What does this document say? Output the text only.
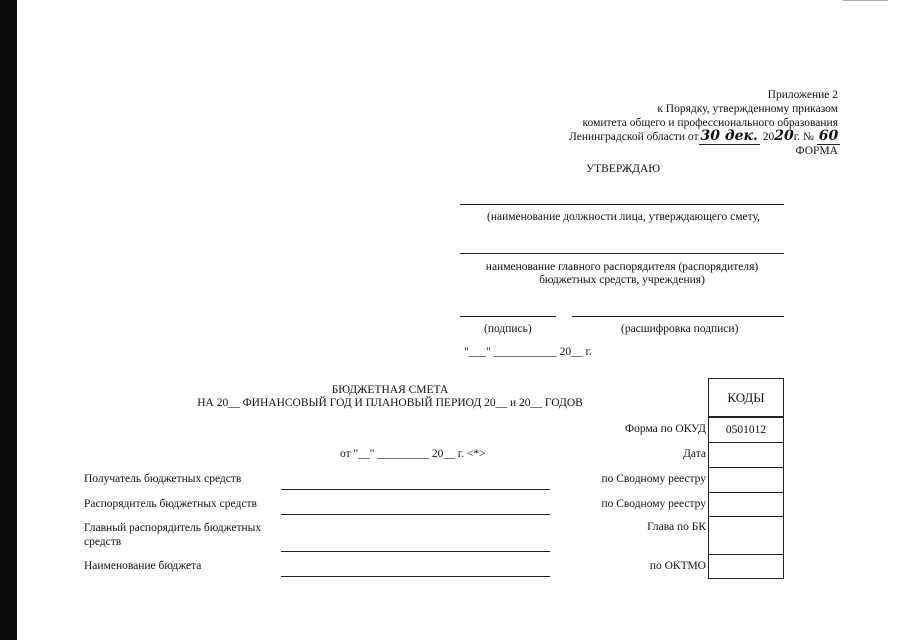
Приложение 2
к Порядку, утвержденному приказом
комитета общего и профессионального образования
Ленинградской области от 30 дек. 2020г. № 60
ФОРМА
УТВЕРЖДАЮ
(наименование должности лица, утверждающего смету,
наименование главного распорядителя (распорядителя)
бюджетных средств, учреждения)
(подпись)	(расшифровка подписи)
"___" ___________ 20__ г.
БЮДЖЕТНАЯ СМЕТА
НА 20__ ФИНАНСОВЫЙ ГОД И ПЛАНОВЫЙ ПЕРИОД 20__ и 20__ ГОДОВ
от "__" _________ 20__ г. <*>
Получатель бюджетных средств
Распорядитель бюджетных средств
Главный распорядитель бюджетных средств
Наименование бюджета
КОДЫ
Форма по ОКУД 0501012
Дата
по Сводному реестру
по Сводному реестру
Глава по БК
по ОКТМО
